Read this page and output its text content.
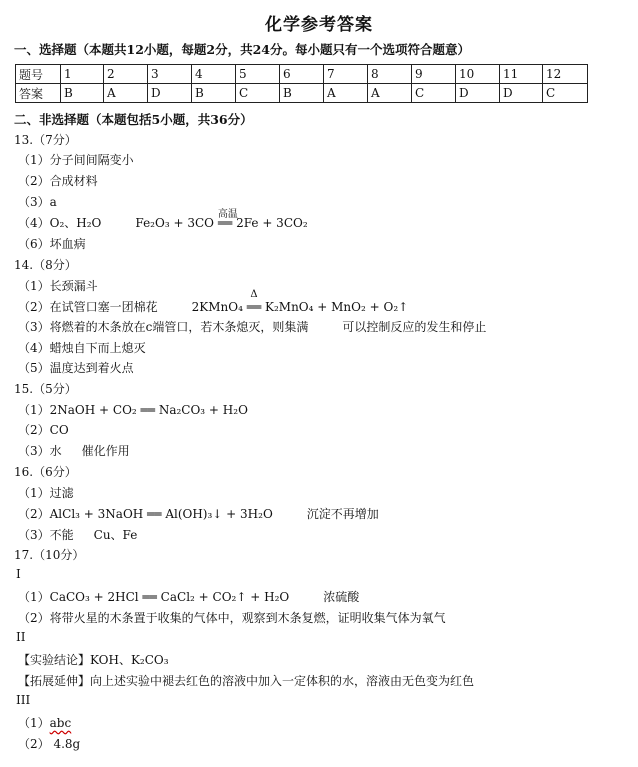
化学参考答案
一、选择题（本题共12小题，每题2分，共24分。每小题只有一个选项符合题意）
题号	1	2	3	4	5	6	7	8	9	10	11	12
答案	B	A	D	B	C	B	A	A	C	D	D	C
二、非选择题（本题包括5小题，共36分）
13.（7分）
（1）分子间间隔变小
（2）合成材料
（3）a
（4）O₂、H₂O	Fe₂O₃ + 3CO
高温
══ 2Fe + 3CO₂
（6）坏血病
14.（8分）
（1）长颈漏斗
（2）在试管口塞一团棉花	2KMnO₄
Δ
══ K₂MnO₄ + MnO₂ + O₂↑
（3）将燃着的木条放在c端管口，若木条熄灭，则集满	可以控制反应的发生和停止
（4）蜡烛自下而上熄灭
（5）温度达到着火点
15.（5分）
（1）2NaOH + CO₂ ══ Na₂CO₃ + H₂O
（2）CO
（3）水 催化作用
16.（6分）
（1）过滤
（2）AlCl₃ + 3NaOH ══ Al(OH)₃↓ + 3H₂O	沉淀不再增加
（3）不能 Cu、Fe
17.（10分）
I
（1）CaCO₃ + 2HCl ══ CaCl₂ + CO₂↑ + H₂O	浓硫酸
（2）将带火星的木条置于收集的气体中，观察到木条复燃，证明收集气体为氧气
II
【实验结论】KOH、K₂CO₃
【拓展延伸】向上述实验中褪去红色的溶液中加入一定体积的水，溶液由无色变为红色
III
（1）abc
（2） 4.8g
